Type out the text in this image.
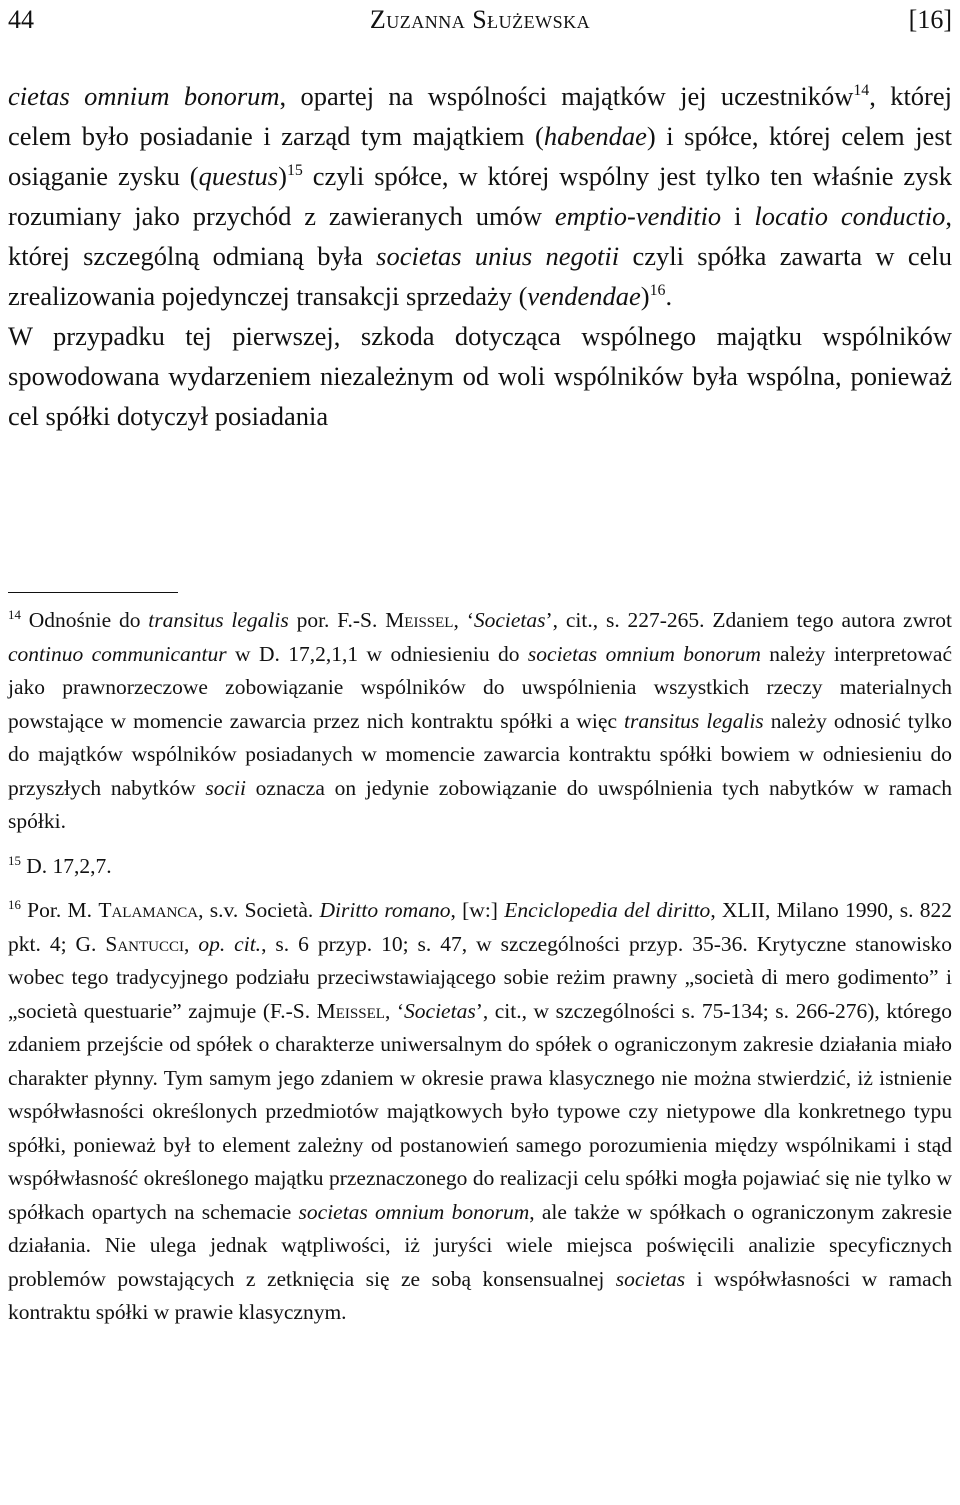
44	Zuzanna Służewska	[16]

cietas omnium bonorum, opartej na wspólności majątków jej uczestników$^{14}$, której celem było posiadanie i zarząd tym majątkiem (habendae) i spółce, której celem jest osiąganie zysku (questus)$^{15}$ czyli spółce, w której wspólny jest tylko ten właśnie zysk rozumiany jako przychód z zawieranych umów emptio-venditio i locatio conductio, której szczególną odmianą była societas unius negotii czyli spółka zawarta w celu zrealizowania pojedynczej transakcji sprzedaży (vendendae)$^{16}$.

W przypadku tej pierwszej, szkoda dotycząca wspólnego majątku wspólników spowodowana wydarzeniem niezależnym od woli wspólników była wspólna, ponieważ cel spółki dotyczył posiadania

$^{14}$ Odnośnie do transitus legalis por. F.-S. Meissel, ‘Societas’, cit., s. 227-265. Zdaniem tego autora zwrot continuo communicantur w D. 17,2,1,1 w odniesieniu do societas omnium bonorum należy interpretować jako prawnorzeczowe zobowiązanie wspólników do uwspólnienia wszystkich rzeczy materialnych powstające w momencie zawarcia przez nich kontraktu spółki a więc transitus legalis należy odnosić tylko do majątków wspólników posiadanych w momencie zawarcia kontraktu spółki bowiem w odniesieniu do przyszłych nabytków socii oznacza on jedynie zobowiązanie do uwspólnienia tych nabytków w ramach spółki.

$^{15}$ D. 17,2,7.

$^{16}$ Por. M. Talamanca, s.v. Società. Diritto romano, [w:] Enciclopedia del diritto, XLII, Milano 1990, s. 822 pkt. 4; G. Santucci, op. cit., s. 6 przyp. 10; s. 47, w szczególności przyp. 35-36. Krytyczne stanowisko wobec tego tradycyjnego podziału przeciwstawiającego sobie reżim prawny „società di mero godimento” i „società questuarie” zajmuje (F.-S. Meissel, ‘Societas’, cit., w szczególności s. 75-134; s. 266-276), którego zdaniem przejście od spółek o charakterze uniwersalnym do spółek o ograniczonym zakresie działania miało charakter płynny. Tym samym jego zdaniem w okresie prawa klasycznego nie można stwierdzić, iż istnienie współwłasności określonych przedmiotów majątkowych było typowe czy nietypowe dla konkretnego typu spółki, ponieważ był to element zależny od postanowień samego porozumienia między wspólnikami i stąd współwłasność określonego majątku przeznaczonego do realizacji celu spółki mogła pojawiać się nie tylko w spółkach opartych na schemacie societas omnium bonorum, ale także w spółkach o ograniczonym zakresie działania. Nie ulega jednak wątpliwości, iż juryści wiele miejsca poświęcili analizie specyficznych problemów powstających z zetknięcia się ze sobą konsensualnej societas i współwłasności w ramach kontraktu spółki w prawie klasycznym.
